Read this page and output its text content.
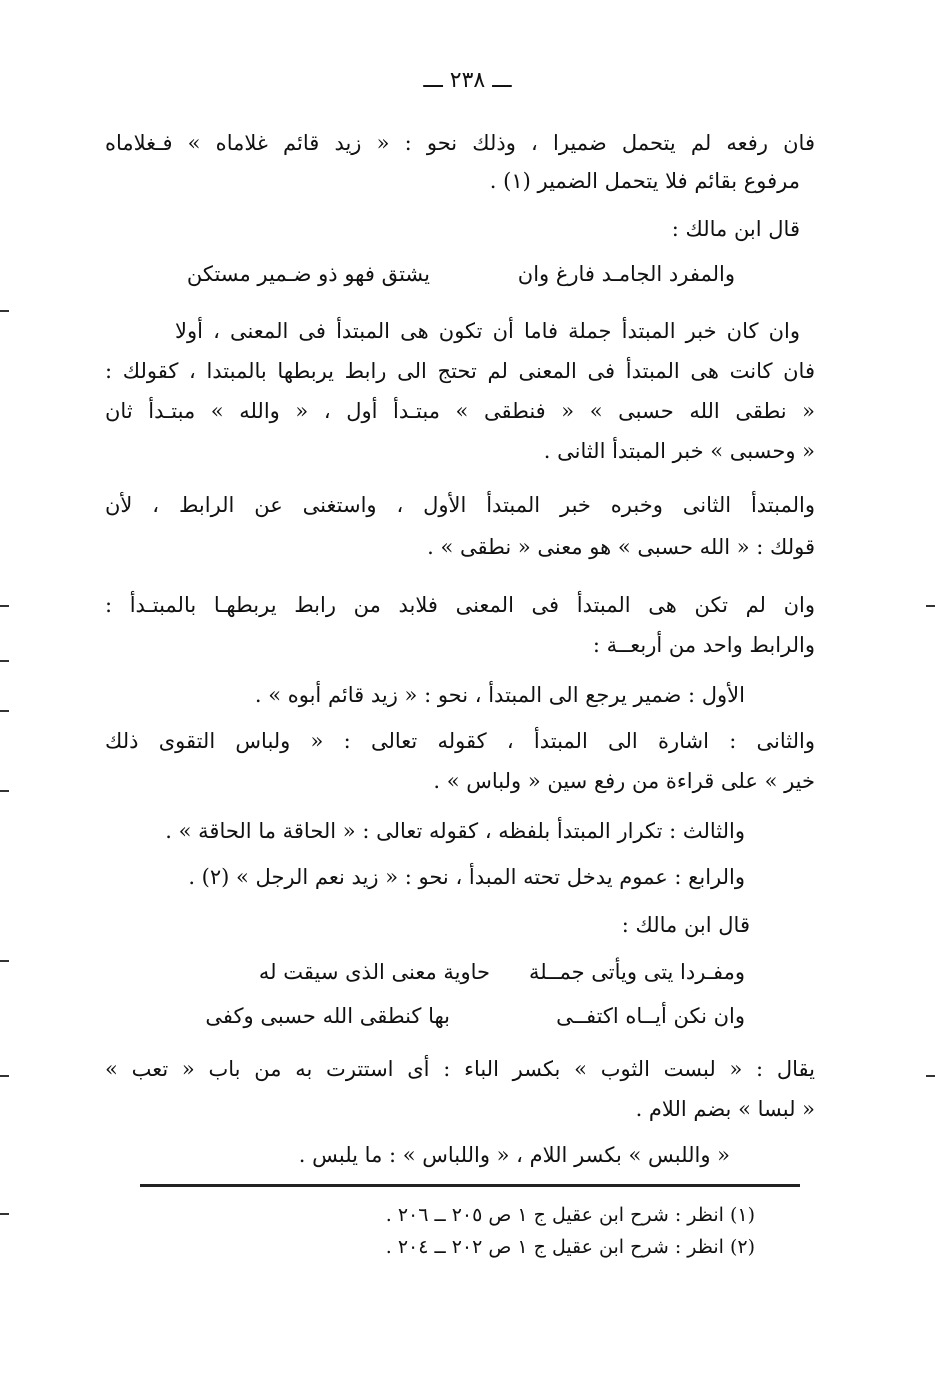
ـــ ٢٣٨ ـــ
فان رفعه لم يتحمل ضميرا ، وذلك نحو : « زيد قائم غلاماه » فـغلاماه
مرفوع بقائم فلا يتحمل الضمير (١) .
قال ابن مالك :
والمفرد الجامـد فارغ وان
يشتق فهو ذو ضـمير مستكن
وان كان خبر المبتدأ جملة فاما أن تكون هى المبتدأ فى المعنى ، أولا
فان كانت هى المبتدأ فى المعنى لم تحتج الى رابط يربطها بالمبتدا ، كقولك :
« نطقى الله حسبى » « فنطقى » مبتـدأ أول ، « والله » مبتـدأ ثان
« وحسبى » خبر المبتدأ الثانى .
والمبتدأ الثانى وخبره خبر المبتدأ الأول ، واستغنى عن الرابط ، لأن
قولك : « الله حسبى » هو معنى « نطقى » .
وان لم تكن هى المبتدأ فى المعنى فلابد من رابط يربطهـا بالمبتـدأ :
والرابط واحد من أربعــة :
الأول : ضمير يرجع الى المبتدأ ، نحو : « زيد قائم أبوه » .
والثانى : اشارة الى المبتدأ ، كقوله تعالى : « ولباس التقوى ذلك
خير » على قراءة من رفع سين « ولباس » .
والثالث : تكرار المبتدأ بلفظه ، كقوله تعالى : « الحاقة ما الحاقة » .
والرابع : عموم يدخل تحته المبدأ ، نحو : « زيد نعم الرجل » (٢) .
قال ابن مالك :
ومفـردا يتى ويأتى جمــلة
حاوية معنى الذى سيقت له
وان نكن أيــاه اكتفــى
بها كنطقى الله حسبى وكفى
يقال : « لبست الثوب » بكسر الباء : أى استترت به من باب « تعب »
« لبسا » بضم اللام .
« واللبس » بكسر اللام ، « واللباس » : ما يلبس .
(١) انظر : شرح ابن عقيل ج ١ ص ٢٠٥ ــ ٢٠٦ .
(٢) انظر : شرح ابن عقيل ج ١ ص ٢٠٢ ــ ٢٠٤ .
